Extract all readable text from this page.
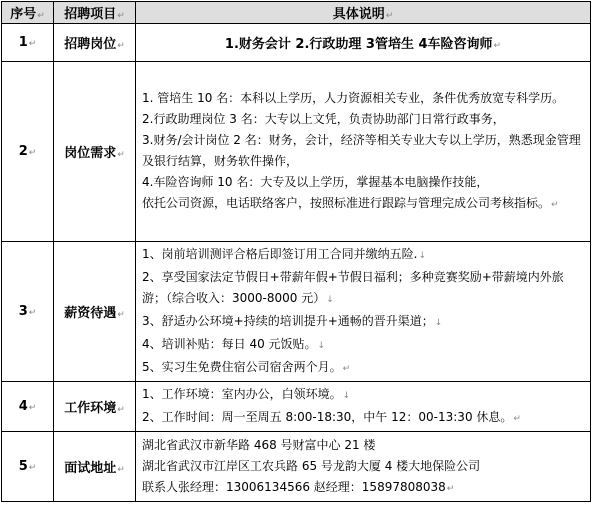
序号↵	招聘项目↵	具体说明↵
1↵	招聘岗位↵	1.财务会计 2.行政助理 3管培生 4车险咨询师↵
2↵	岗位需求↵	1. 管培生 10 名：本科以上学历，人力资源相关专业，条件优秀放宽专科学历。
2.行政助理岗位 3 名：大专以上文凭，负责协助部门日常行政事务，
3.财务/会计岗位 2 名：财务，会计，经济等相关专业大专以上学历，熟悉现金管理及银行结算，财务软件操作，
4.车险咨询师 10 名：大专及以上学历，掌握基本电脑操作技能，
依托公司资源，电话联络客户，按照标准进行跟踪与管理完成公司考核指标。↵

3↵	薪资待遇↵	1、岗前培训测评合格后即签订用工合同并缴纳五险.↓
2、享受国家法定节假日+带薪年假+节假日福利；多种竞赛奖励+带薪境内外旅游；（综合收入：3000-8000 元）↓
3、舒适办公环境+持续的培训提升+通畅的晋升渠道；↓
4、培训补贴：每日 40 元饭贴。↓
5、实习生免费住宿公司宿舍两个月。↵

4↵	工作环境↵	1、工作环境：室内办公，白领环境。↓
2、工作时间：周一至周五 8:00-18:30，中午 12：00-13:30 休息。↵

5↵	面试地址↵	湖北省武汉市新华路 468 号财富中心 21 楼
湖北省武汉市江岸区工农兵路 65 号龙韵大厦 4 楼大地保险公司
联系人张经理：13006134566 赵经理：15897808038↵
